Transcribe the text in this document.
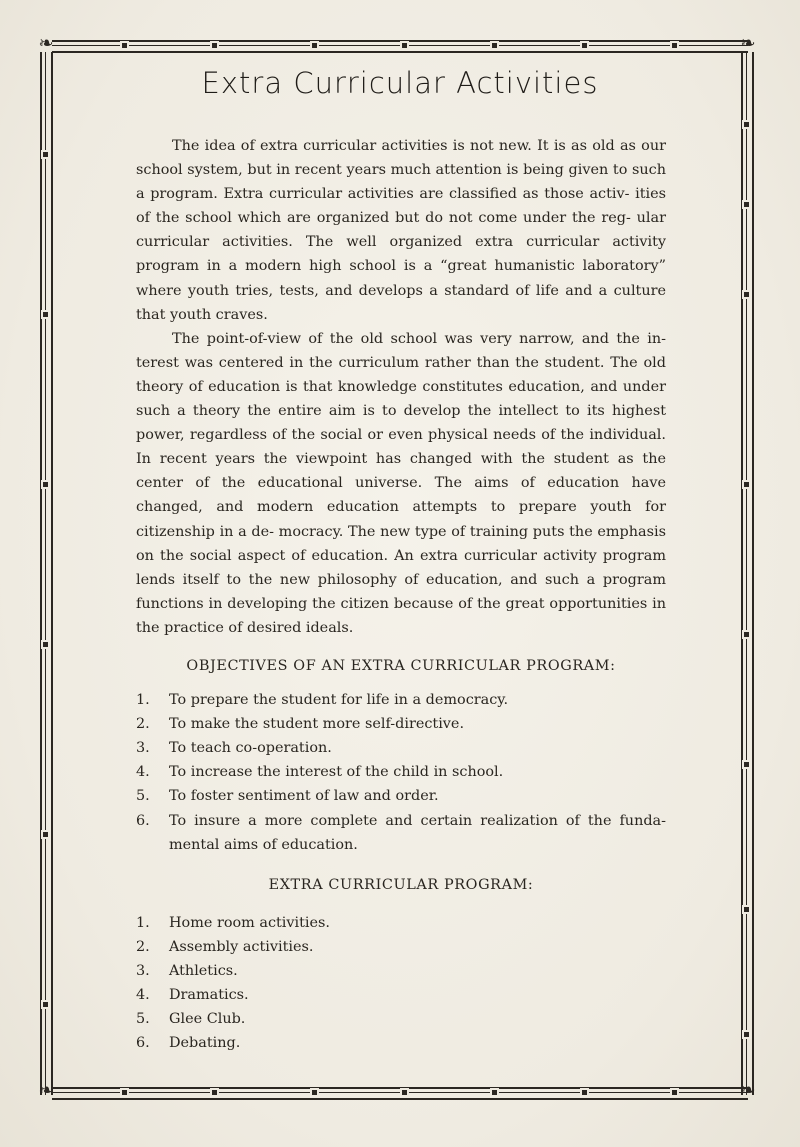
❧	❧
❧	❧
Extra Curricular Activities

The idea of extra curricular activities is not new. It is as old as our school system, but in recent years much attention is being given to such a program. Extra curricular activities are classified as those activ- ities of the school which are organized but do not come under the reg- ular curricular activities. The well organized extra curricular activity program in a modern high school is a “great humanistic laboratory” where youth tries, tests, and develops a standard of life and a culture that youth craves.

The point-of-view of the old school was very narrow, and the in- terest was centered in the curriculum rather than the student. The old theory of education is that knowledge constitutes education, and under such a theory the entire aim is to develop the intellect to its highest power, regardless of the social or even physical needs of the individual. In recent years the viewpoint has changed with the student as the center of the educational universe. The aims of education have changed, and modern education attempts to prepare youth for citizenship in a de- mocracy. The new type of training puts the emphasis on the social aspect of education. An extra curricular activity program lends itself to the new philosophy of education, and such a program functions in developing the citizen because of the great opportunities in the practice of desired ideals.

OBJECTIVES OF AN EXTRA CURRICULAR PROGRAM:
1.	To prepare the student for life in a democracy.
2.	To make the student more self-directive.
3.	To teach co-operation.
4.	To increase the interest of the child in school.
5.	To foster sentiment of law and order.
6.	To insure a more complete and certain realization of the funda- mental aims of education.
EXTRA CURRICULAR PROGRAM:
1.	Home room activities.
2.	Assembly activities.
3.	Athletics.
4.	Dramatics.
5.	Glee Club.
6.	Debating.
